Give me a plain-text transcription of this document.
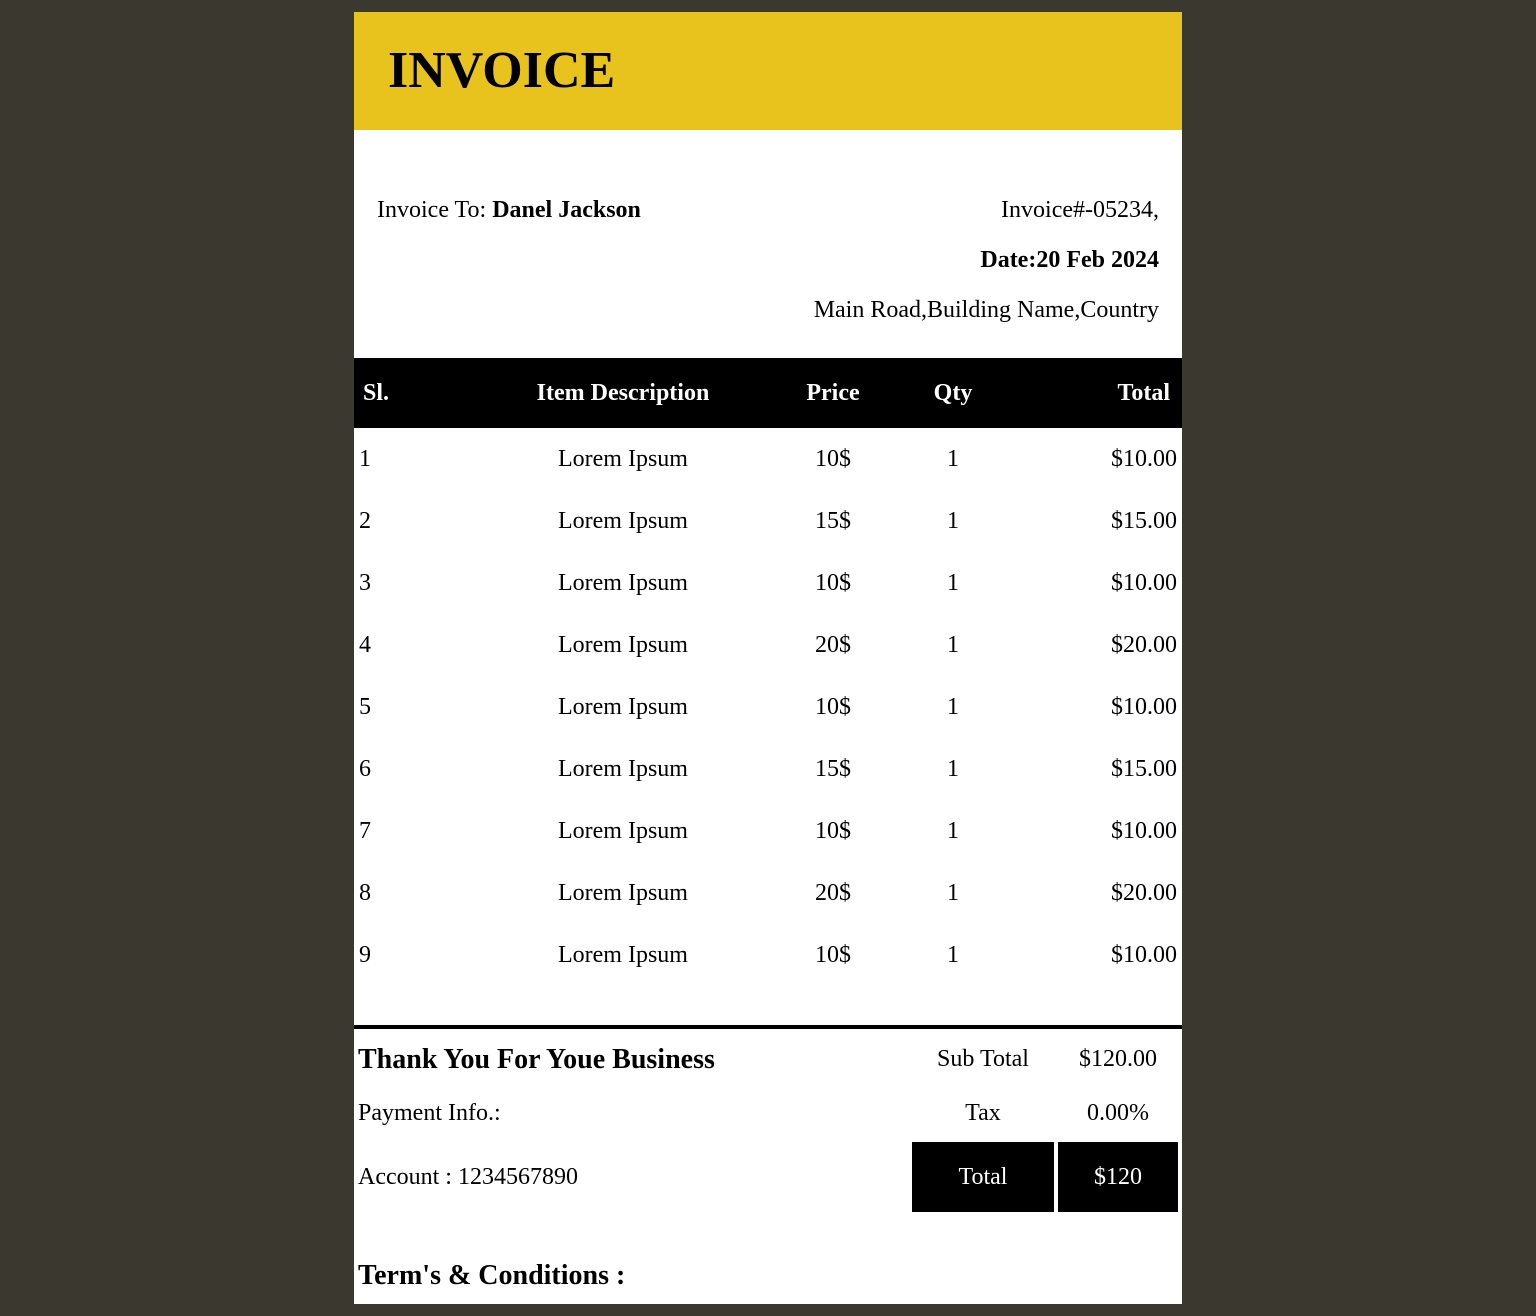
INVOICE
Invoice To: Danel Jackson	Invoice#-05234,
Date:20 Feb 2024
Main Road,Building Name,Country
Sl.	Item Description	Price	Qty	Total
1	Lorem Ipsum	10$	1	$10.00
2	Lorem Ipsum	15$	1	$15.00
3	Lorem Ipsum	10$	1	$10.00
4	Lorem Ipsum	20$	1	$20.00
5	Lorem Ipsum	10$	1	$10.00
6	Lorem Ipsum	15$	1	$15.00
7	Lorem Ipsum	10$	1	$10.00
8	Lorem Ipsum	20$	1	$20.00
9	Lorem Ipsum	10$	1	$10.00
Thank You For Youe Business
Payment Info.:
Account : 1234567890
Sub Total	$120.00
Tax	0.00%
Total	$120
Term's & Conditions :
